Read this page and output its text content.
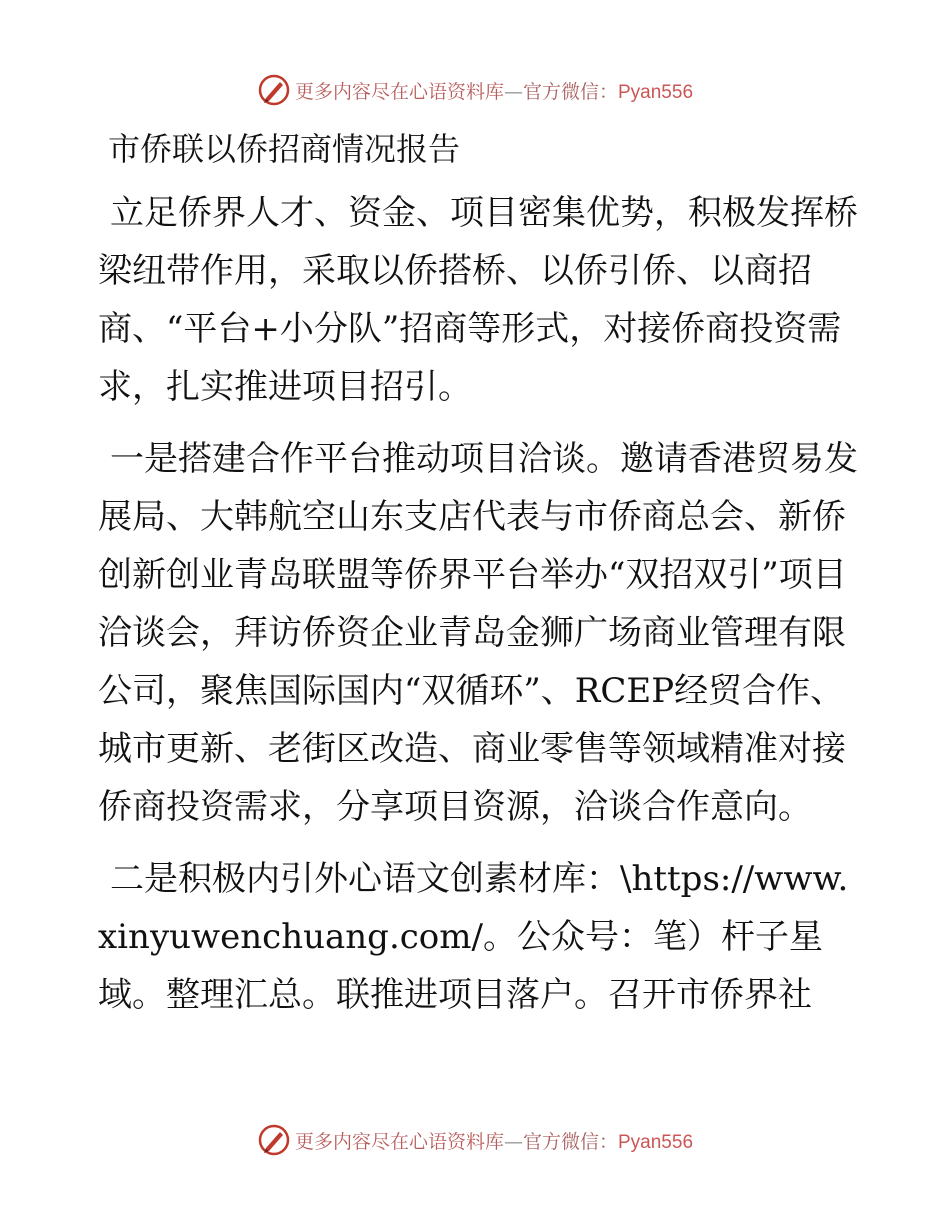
更多内容尽在心语资料库—官方微信：Pyan556
市侨联以侨招商情况报告

立足侨界人才、资金、项目密集优势，积极发挥桥梁纽带作用，采取以侨搭桥、以侨引侨、以商招商、“平台+小分队”招商等形式，对接侨商投资需求，扎实推进项目招引。

一是搭建合作平台推动项目洽谈。邀请香港贸易发展局、大韩航空山东支店代表与市侨商总会、新侨创新创业青岛联盟等侨界平台举办“双招双引”项目洽谈会，拜访侨资企业青岛金狮广场商业管理有限公司，聚焦国际国内“双循环”、RCEP经贸合作、城市更新、老街区改造、商业零售等领域精准对接侨商投资需求，分享项目资源，洽谈合作意向。

二是积极内引外心语文创素材库：\https://www.xinyuwenchuang.com/。公众号：笔）杆子星域。整理汇总。联推进项目落户。召开市侨界社

更多内容尽在心语资料库—官方微信：Pyan556
